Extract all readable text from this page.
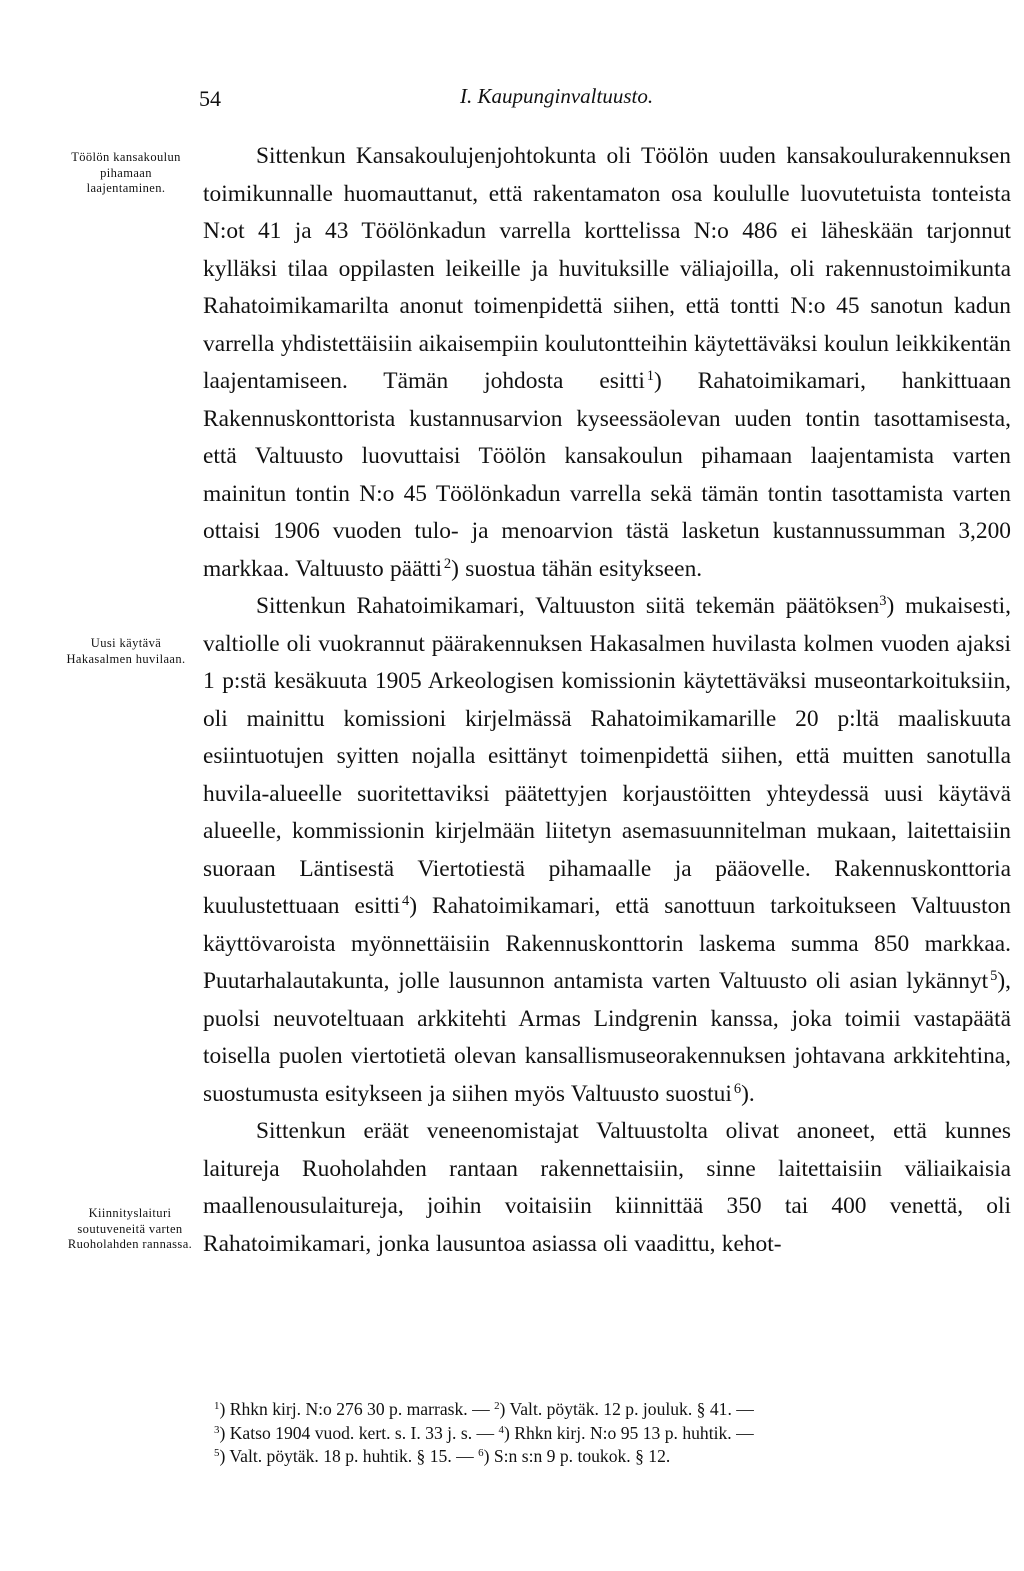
54	I. Kaupunginvaltuusto.
Töölön kansakoulun pihamaan laajentaminen.
Uusi käytävä Hakasalmen huvilaan.
Kiinnityslaituri soutuveneitä varten Ruoholahden rannassa.

Sittenkun Kansakoulujenjohtokunta oli Töölön uuden kansakoulurakennuksen toimikunnalle huomauttanut, että rakentamaton osa koululle luovutetuista tonteista N:ot 41 ja 43 Töölönkadun varrella korttelissa N:o 486 ei läheskään tarjonnut kylläksi tilaa oppilasten leikeille ja huvituksille väliajoilla, oli rakennustoimikunta Rahatoimikamarilta anonut toimenpidettä siihen, että tontti N:o 45 sanotun kadun varrella yhdistettäisiin aikaisempiin koulutontteihin käytettäväksi koulun leikkikentän laajentamiseen. Tämän johdosta esitti  $^1$) Rahatoimikamari, hankittuaan Rakennuskonttorista kustannusarvion kyseessäolevan uuden tontin tasottamisesta, että Valtuusto luovuttaisi Töölön kansakoulun pihamaan laajentamista varten mainitun tontin N:o 45 Töölönkadun varrella sekä tämän tontin tasottamista varten ottaisi 1906 vuoden tulo- ja menoarvion tästä lasketun kustannussumman 3,200 markkaa. Valtuusto päätti  $^2$) suostua tähän esitykseen.

Sittenkun Rahatoimikamari, Valtuuston siitä tekemän päätöksen$^3$) mukaisesti, valtiolle oli vuokrannut päärakennuksen Hakasalmen huvilasta kolmen vuoden ajaksi 1 p:stä kesäkuuta 1905 Arkeologisen komissionin käytettäväksi museontarkoituksiin, oli mainittu komissioni kirjelmässä Rahatoimikamarille 20 p:ltä maaliskuuta esiintuotujen syitten nojalla esittänyt toimenpidettä siihen, että muitten sanotulla huvila-alueelle suoritettaviksi päätettyjen korjaustöitten yhteydessä uusi käytävä alueelle, kommissionin kirjelmään liitetyn asemasuunnitelman mukaan, laitettaisiin suoraan Läntisestä Viertotiestä pihamaalle ja pääovelle. Rakennuskonttoria kuulustettuaan esitti  $^4$) Rahatoimikamari, että sanottuun tarkoitukseen Valtuuston käyttövaroista myönnettäisiin Rakennuskonttorin laskema summa 850 markkaa. Puutarhalautakunta, jolle lausunnon antamista varten Valtuusto oli asian lykännyt  $^5$), puolsi neuvoteltuaan arkkitehti Armas Lindgrenin kanssa, joka toimii vastapäätä toisella puolen viertotietä olevan kansallismuseorakennuksen johtavana arkkitehtina, suostumusta esitykseen ja siihen myös Valtuusto suostui  $^6$).

Sittenkun eräät veneenomistajat Valtuustolta olivat anoneet, että kunnes laitureja Ruoholahden rantaan rakennettaisiin, sinne laitettaisiin väliaikaisia maallenousulaitureja, joihin voitaisiin kiinnittää 350 tai 400 venettä, oli Rahatoimikamari, jonka lausuntoa asiassa oli vaadittu, kehot-

$^1$) Rhkn kirj. N:o 276 30 p. marrask. — $^2$) Valt. pöytäk. 12 p. jouluk. § 41. —

$^3$) Katso 1904 vuod. kert. s. I. 33 j. s. — $^4$) Rhkn kirj. N:o 95 13 p. huhtik. —

$^5$) Valt. pöytäk. 18 p. huhtik. § 15. — $^6$) S:n s:n 9 p. toukok. § 12.
